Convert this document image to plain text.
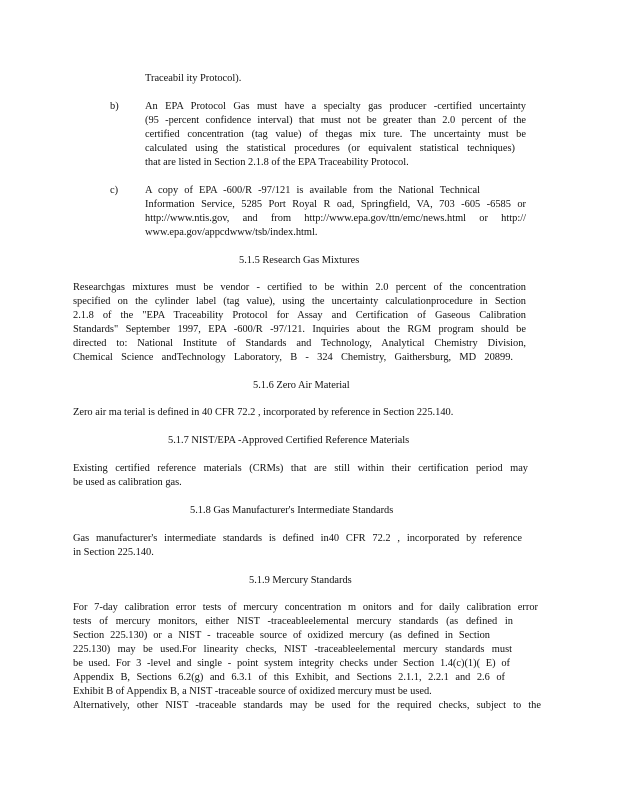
Traceabil ity Protocol).
b)	An EPA Protocol Gas must have a specialty gas producer -certified uncertainty
(95 -percent confidence interval) that must not be greater than 2.0 percent of the
certified concentration (tag value) of thegas mix ture. The uncertainty must be
calculated using the statistical procedures (or equivalent statistical techniques)
that are listed in Section 2.1.8 of the EPA Traceability Protocol.
c)	A copy of EPA -600/R -97/121 is available from the National Technical
Information Service, 5285 Port Royal R oad, Springfield, VA, 703 -605 -6585 or
http://www.ntis.gov, and from http://www.epa.gov/ttn/emc/news.html or http://
www.epa.gov/appcdwww/tsb/index.html.
5.1.5 Research Gas Mixtures
Researchgas mixtures must be vendor - certified to be within 2.0 percent of the concentration
specified on the cylinder label (tag value), using the uncertainty calculationprocedure in Section
2.1.8 of the "EPA Traceability Protocol for Assay and Certification of Gaseous Calibration
Standards" September 1997, EPA -600/R -97/121. Inquiries about the RGM program should be
directed to: National Institute of Standards and Technology, Analytical Chemistry Division,
Chemical Science andTechnology Laboratory, B - 324 Chemistry, Gaithersburg, MD 20899.
5.1.6 Zero Air Material
Zero air ma terial is defined in 40 CFR 72.2 , incorporated by reference in Section 225.140.
5.1.7 NIST/EPA -Approved Certified Reference Materials
Existing certified reference materials (CRMs) that are still within their certification period may
be used as calibration gas.
5.1.8 Gas Manufacturer's Intermediate Standards
Gas manufacturer's intermediate standards is defined in40 CFR 72.2 , incorporated by reference
in Section 225.140.
5.1.9 Mercury Standards
For 7-day calibration error tests of mercury concentration m onitors and for daily calibration error
tests of mercury monitors, either NIST -traceableelemental mercury standards (as defined in
Section 225.130) or a NIST - traceable source of oxidized mercury (as defined in Section
225.130) may be used.For linearity checks, NIST -traceableelemental mercury standards must
be used. For 3 -level and single - point system integrity checks under Section 1.4(c)(1)( E) of
Appendix B, Sections 6.2(g) and 6.3.1 of this Exhibit, and Sections 2.1.1, 2.2.1 and 2.6 of
Exhibit B of Appendix B, a NIST -traceable source of oxidized mercury must be used.
Alternatively, other NIST -traceable standards may be used for the required checks, subject to the
